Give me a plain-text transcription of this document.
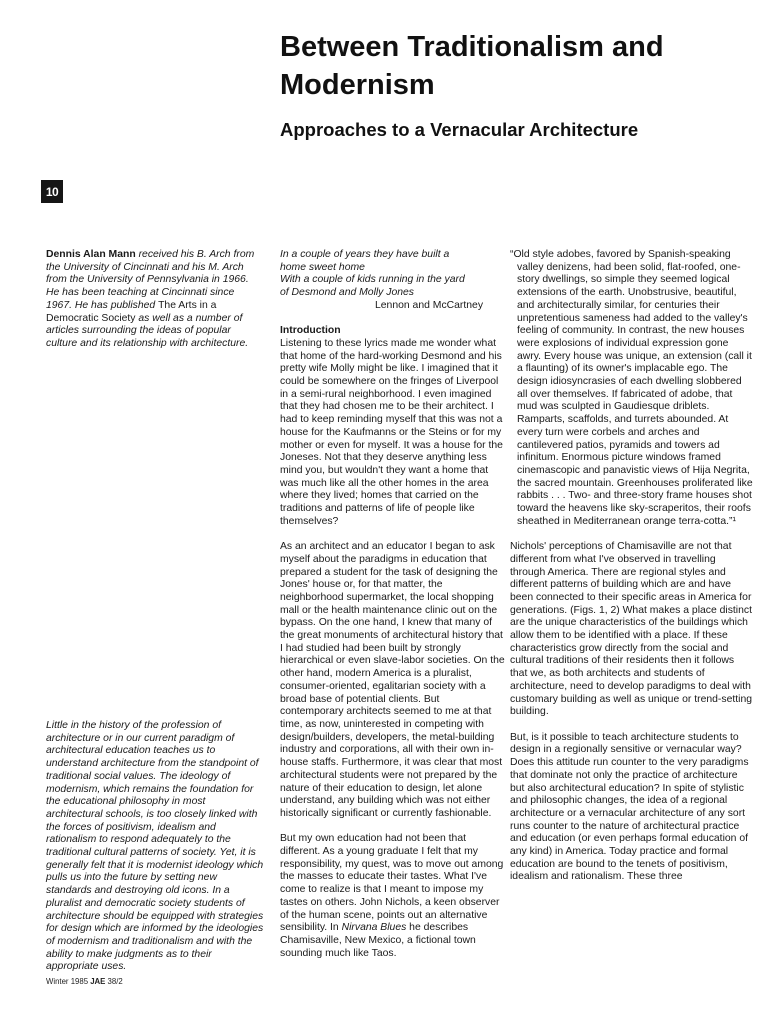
Between Traditionalism and Modernism
Approaches to a Vernacular Architecture
10

Dennis Alan Mann received his B. Arch from the University of Cincinnati and his M. Arch from the University of Pennsylvania in 1966. He has been teaching at Cincinnati since 1967. He has published The Arts in a Democratic Society as well as a number of articles surrounding the ideas of popular culture and its relationship with architecture.

Little in the history of the profession of architecture or in our current paradigm of architectural education teaches us to understand architecture from the standpoint of traditional social values. The ideology of modernism, which remains the foundation for the educational philosophy in most architectural schools, is too closely linked with the forces of positivism, idealism and rationalism to respond adequately to the traditional cultural patterns of society. Yet, it is generally felt that it is modernist ideology which pulls us into the future by setting new standards and destroying old icons. In a pluralist and democratic society students of architecture should be equipped with strategies for design which are informed by the ideologies of modernism and traditionalism and with the ability to make judgments as to their appropriate uses.

In a couple of years they have built a

home sweet home

With a couple of kids running in the yard

of Desmond and Molly Jones

Lennon and McCartney

Introduction

Listening to these lyrics made me wonder what that home of the hard-working Desmond and his pretty wife Molly might be like. I imagined that it could be somewhere on the fringes of Liverpool in a semi-rural neighborhood. I even imagined that they had chosen me to be their architect. I had to keep reminding myself that this was not a house for the Kaufmanns or the Steins or for my mother or even for myself. It was a house for the Joneses. Not that they deserve anything less mind you, but wouldn't they want a home that was much like all the other homes in the area where they lived; homes that carried on the traditions and patterns of life of people like themselves?

As an architect and an educator I began to ask myself about the paradigms in education that prepared a student for the task of designing the Jones' house or, for that matter, the neighborhood supermarket, the local shopping mall or the health maintenance clinic out on the bypass. On the one hand, I knew that many of the great monuments of architectural history that I had studied had been built by strongly hierarchical or even slave-labor societies. On the other hand, modern America is a pluralist, consumer-oriented, egalitarian society with a broad base of potential clients. But contemporary architects seemed to me at that time, as now, uninterested in competing with design/builders, developers, the metal-building industry and corporations, all with their own in-house staffs. Furthermore, it was clear that most architectural students were not prepared by the nature of their education to design, let alone understand, any building which was not either historically significant or currently fashionable.

But my own education had not been that different. As a young graduate I felt that my responsibility, my quest, was to move out among the masses to educate their tastes. What I've come to realize is that I meant to impose my tastes on others. John Nichols, a keen observer of the human scene, points out an alternative sensibility. In Nirvana Blues he describes Chamisaville, New Mexico, a fictional town sounding much like Taos.

“Old style adobes, favored by Spanish-speaking valley denizens, had been solid, flat-roofed, one-story dwellings, so simple they seemed logical extensions of the earth. Unobstrusive, beautiful, and architecturally similar, for centuries their unpretentious sameness had added to the valley's feeling of community. In contrast, the new houses were explosions of individual expression gone awry. Every house was unique, an extension (call it a flaunting) of its owner's implacable ego. The design idiosyncrasies of each dwelling slobbered all over themselves. If fabricated of adobe, that mud was sculpted in Gaudiesque driblets. Ramparts, scaffolds, and turrets abounded. At every turn were corbels and arches and cantilevered patios, pyramids and towers ad infinitum. Enormous picture windows framed cinemascopic and panavistic views of Hija Negrita, the sacred mountain. Greenhouses proliferated like rabbits . . . Two- and three-story frame houses shot toward the heavens like sky-scraperitos, their roofs sheathed in Mediterranean orange terra-cotta.”¹

Nichols' perceptions of Chamisaville are not that different from what I've observed in travelling through America. There are regional styles and different patterns of building which are and have been connected to their specific areas in America for generations. (Figs. 1, 2) What makes a place distinct are the unique characteristics of the buildings which allow them to be identified with a place. If these characteristics grow directly from the social and cultural traditions of their residents then it follows that we, as both architects and students of architecture, need to develop paradigms to deal with customary building as well as unique or trend-setting building.

But, is it possible to teach architecture students to design in a regionally sensitive or vernacular way? Does this attitude run counter to the very paradigms that dominate not only the practice of architecture but also architectural education? In spite of stylistic and philosophic changes, the idea of a regional architecture or a vernacular architecture of any sort runs counter to the nature of architectural practice and education (or even perhaps formal education of any kind) in America. Today practice and formal education are bound to the tenets of positivism, idealism and rationalism. These three

Winter 1985 JAE 38/2
